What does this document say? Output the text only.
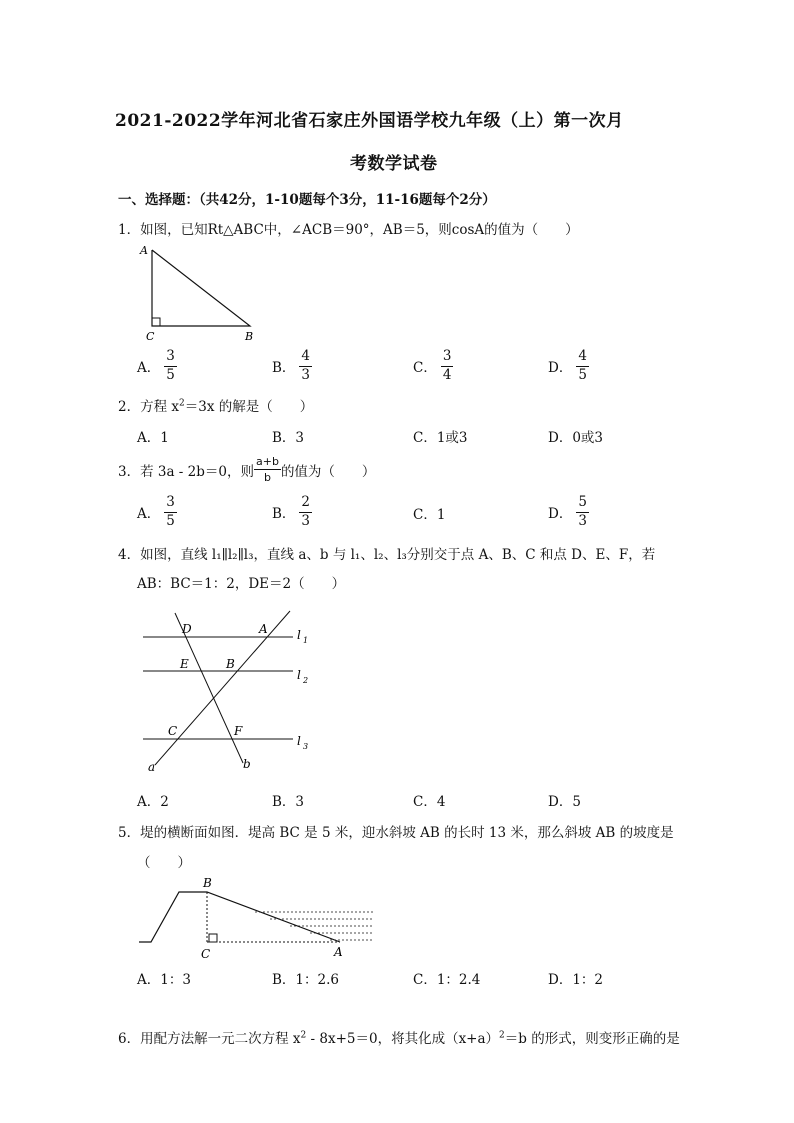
2021-2022学年河北省石家庄外国语学校九年级（上）第一次月
考数学试卷
一、选择题：（共42分，1-10题每个3分，11-16题每个2分）
1．如图，已知Rt△ABC中，∠ACB＝90°，AB＝5，则cosA的值为（　　）
A
C	B
A． $\frac{3}{5}$	B． $\frac{4}{3}$	C． $\frac{3}{4}$	D． $\frac{4}{5}$
2．方程 $x^2=3x$ 的解是（　　）
A．1	B．3	C．1或3	D．0或3
3．若 3a - 2b＝0，则 $\frac{a+b}{b}$ 的值为（　　）
A． $\frac{3}{5}$	B． $\frac{2}{3}$	C．1	D． $\frac{5}{3}$
4．如图，直线 l₁∥l₂∥l₃，直线 a、b 与 l₁、l₂、l₃分别交于点 A、B、C 和点 D、E、F，若
AB：BC＝1：2，DE＝2（　　）
D	A
E	B
C	F
a	b
l 1
l 2
l 3
A．2	B．3	C．4	D．5
5．堤的横断面如图．堤高 BC 是 5 米，迎水斜坡 AB 的长时 13 米，那么斜坡 AB 的坡度是
（　　）
B
C	A
A．1：3	B．1：2.6	C．1：2.4	D．1：2
6．用配方法解一元二次方程 $x^2 - 8x+5=0$，将其化成$(x+a)^2=b$ 的形式，则变形正确的是
